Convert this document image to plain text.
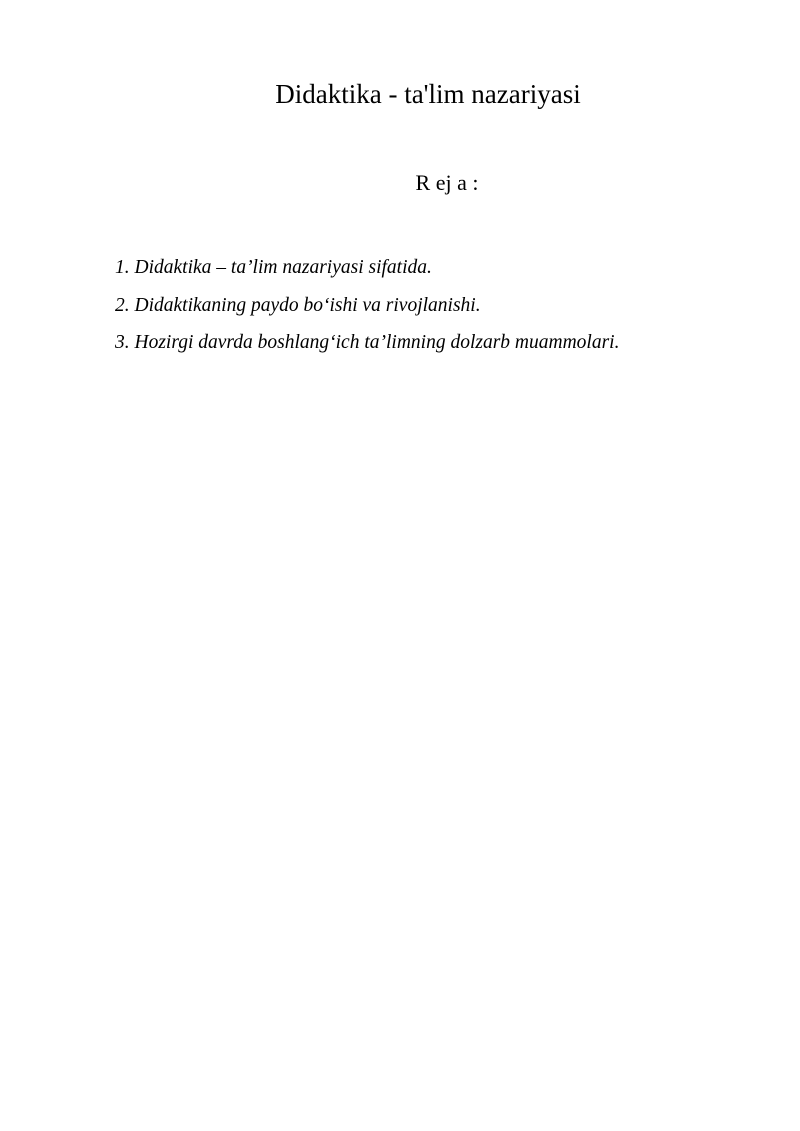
Didaktika - ta'lim nazariyasi
R ej a :
1. Didaktika – ta’lim nazariyasi sifatida.
2. Didaktikaning paydo bo‘ishi va rivojlanishi.
3. Hozirgi davrda boshlang‘ich ta’limning dolzarb muammolari.
